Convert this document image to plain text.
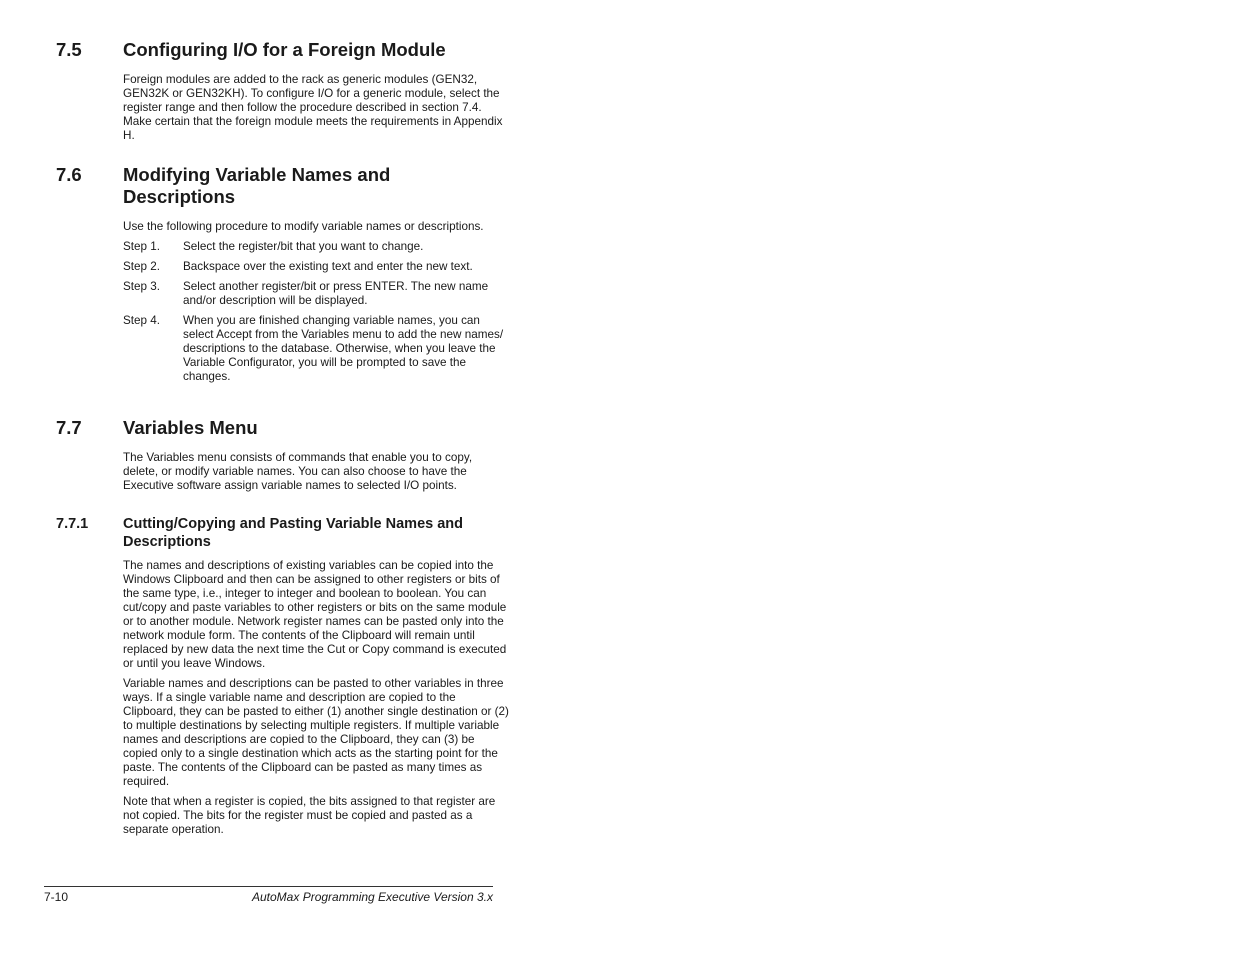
7.5	Configuring I/O for a Foreign Module

Foreign modules are added to the rack as generic modules (GEN32, GEN32K or GEN32KH). To configure I/O for a generic module, select the register range and then follow the procedure described in section 7.4. Make certain that the foreign module meets the requirements in Appendix H.

7.6	Modifying Variable Names and Descriptions

Use the following procedure to modify variable names or descriptions.

Step 1.	Select the register/bit that you want to change.
Step 2.	Backspace over the existing text and enter the new text.
Step 3.	Select another register/bit or press ENTER. The new name and/or description will be displayed.
Step 4.	When you are finished changing variable names, you can select Accept from the Variables menu to add the new names/ descriptions to the database. Otherwise, when you leave the Variable Configurator, you will be prompted to save the changes.
7.7	Variables Menu

The Variables menu consists of commands that enable you to copy, delete, or modify variable names. You can also choose to have the Executive software assign variable names to selected I/O points.

7.7.1	Cutting/Copying and Pasting Variable Names and Descriptions

The names and descriptions of existing variables can be copied into the Windows Clipboard and then can be assigned to other registers or bits of the same type, i.e., integer to integer and boolean to boolean. You can cut/copy and paste variables to other registers or bits on the same module or to another module. Network register names can be pasted only into the network module form. The contents of the Clipboard will remain until replaced by new data the next time the Cut or Copy command is executed or until you leave Windows.

Variable names and descriptions can be pasted to other variables in three ways. If a single variable name and description are copied to the Clipboard, they can be pasted to either (1) another single destination or (2) to multiple destinations by selecting multiple registers. If multiple variable names and descriptions are copied to the Clipboard, they can (3) be copied only to a single destination which acts as the starting point for the paste. The contents of the Clipboard can be pasted as many times as required.

Note that when a register is copied, the bits assigned to that register are not copied. The bits for the register must be copied and pasted as a separate operation.

7-10	AutoMax Programming Executive Version 3.x
